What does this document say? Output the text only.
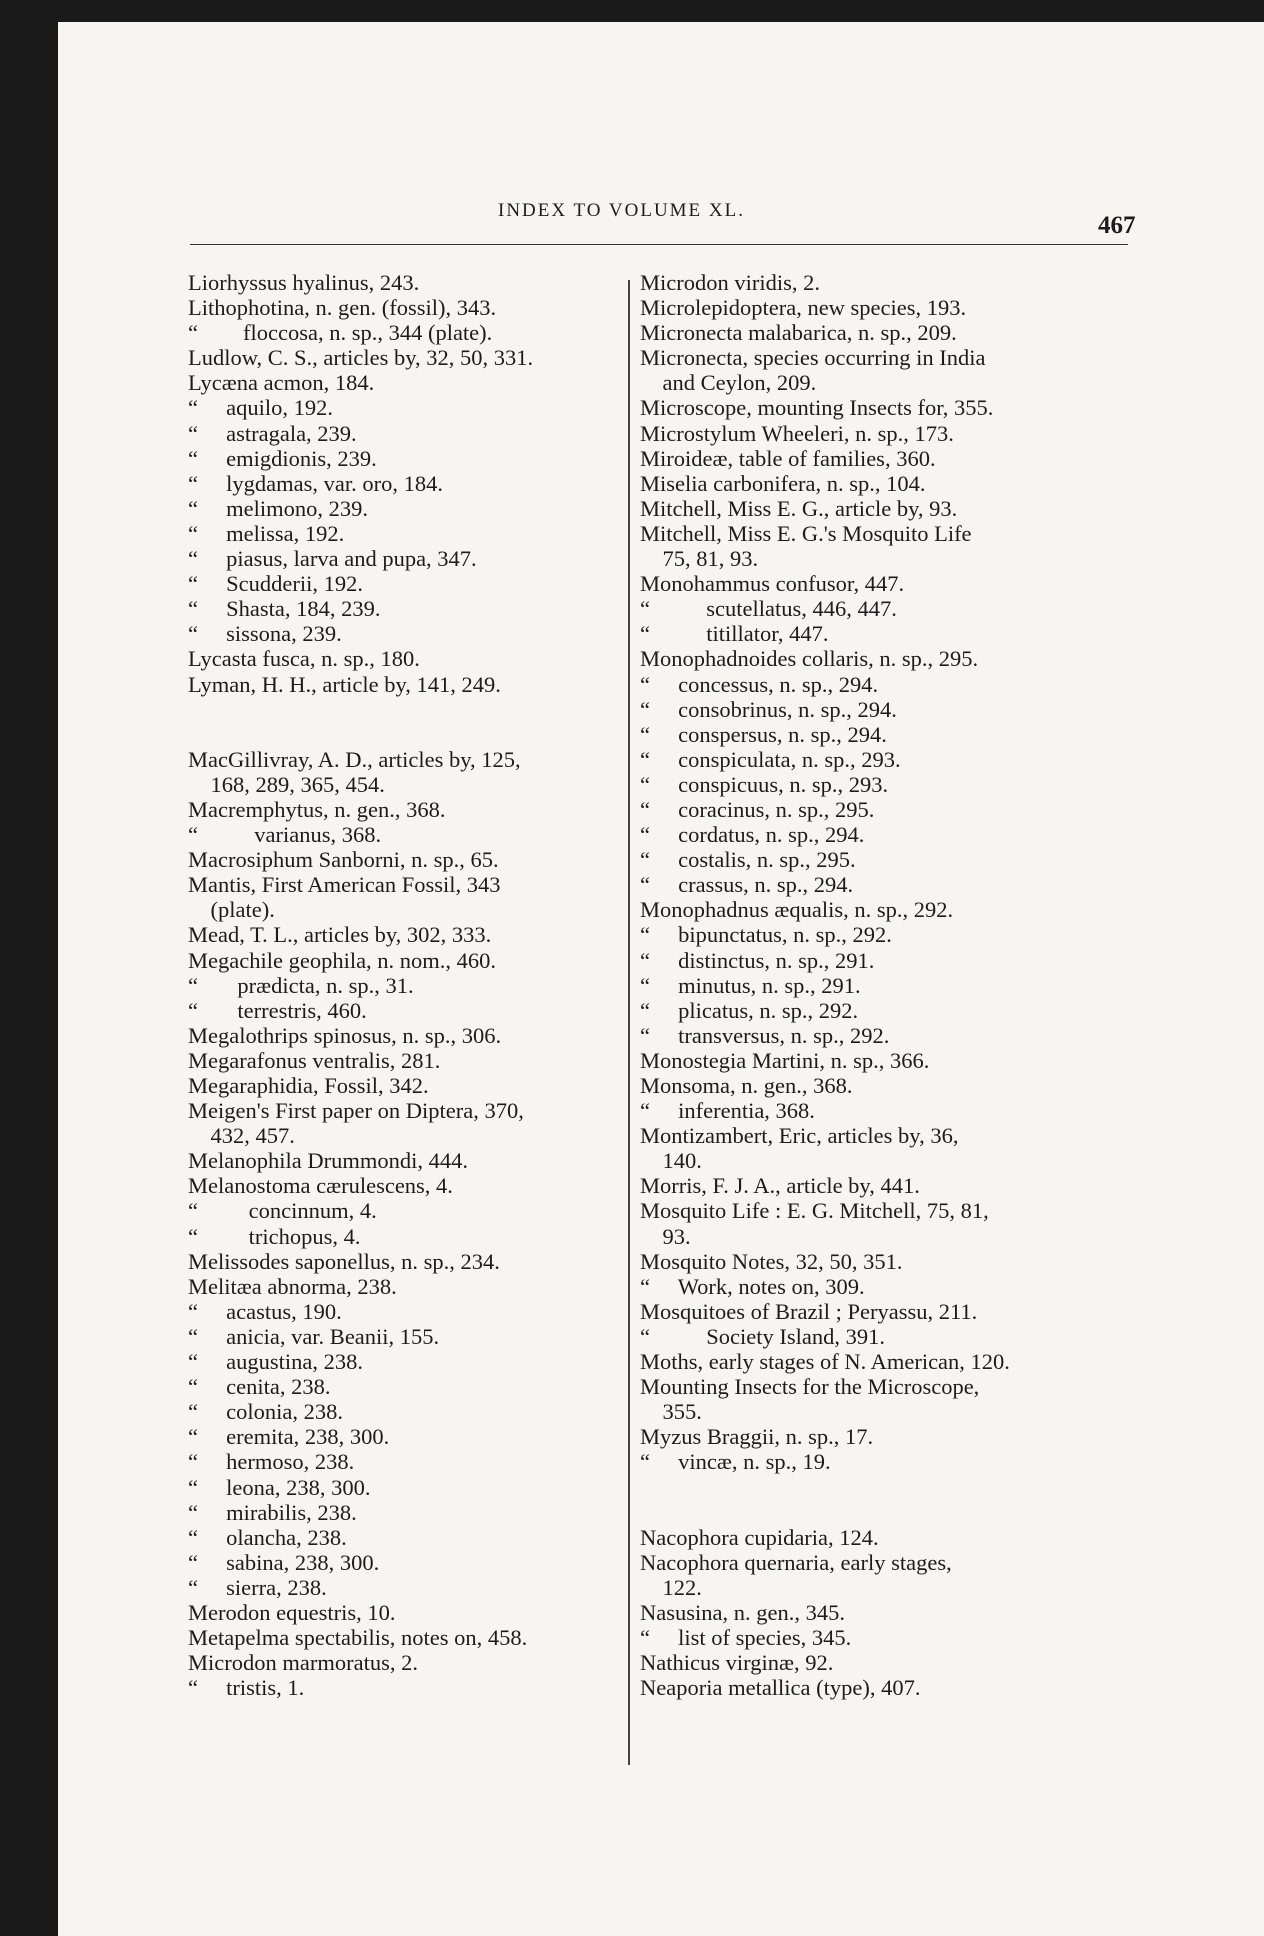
INDEX TO VOLUME XL.
467
Liorhyssus hyalinus, 243.
Lithophotina, n. gen. (fossil), 343.
“        floccosa, n. sp., 344 (plate).
Ludlow, C. S., articles by, 32, 50, 331.
Lycæna acmon, 184.
“     aquilo, 192.
“     astragala, 239.
“     emigdionis, 239.
“     lygdamas, var. oro, 184.
“     melimono, 239.
“     melissa, 192.
“     piasus, larva and pupa, 347.
“     Scudderii, 192.
“     Shasta, 184, 239.
“     sissona, 239.
Lycasta fusca, n. sp., 180.
Lyman, H. H., article by, 141, 249.
MacGillivray, A. D., articles by, 125,
168, 289, 365, 454.
Macremphytus, n. gen., 368.
“          varianus, 368.
Macrosiphum Sanborni, n. sp., 65.
Mantis, First American Fossil, 343
(plate).
Mead, T. L., articles by, 302, 333.
Megachile geophila, n. nom., 460.
“       prædicta, n. sp., 31.
“       terrestris, 460.
Megalothrips spinosus, n. sp., 306.
Megarafonus ventralis, 281.
Megaraphidia, Fossil, 342.
Meigen's First paper on Diptera, 370,
432, 457.
Melanophila Drummondi, 444.
Melanostoma cærulescens, 4.
“         concinnum, 4.
“         trichopus, 4.
Melissodes saponellus, n. sp., 234.
Melitæa abnorma, 238.
“     acastus, 190.
“     anicia, var. Beanii, 155.
“     augustina, 238.
“     cenita, 238.
“     colonia, 238.
“     eremita, 238, 300.
“     hermoso, 238.
“     leona, 238, 300.
“     mirabilis, 238.
“     olancha, 238.
“     sabina, 238, 300.
“     sierra, 238.
Merodon equestris, 10.
Metapelma spectabilis, notes on, 458.
Microdon marmoratus, 2.
“     tristis, 1.
Microdon viridis, 2.
Microlepidoptera, new species, 193.
Micronecta malabarica, n. sp., 209.
Micronecta, species occurring in India
and Ceylon, 209.
Microscope, mounting Insects for, 355.
Microstylum Wheeleri, n. sp., 173.
Miroideæ, table of families, 360.
Miselia carbonifera, n. sp., 104.
Mitchell, Miss E. G., article by, 93.
Mitchell, Miss E. G.'s Mosquito Life
75, 81, 93.
Monohammus confusor, 447.
“          scutellatus, 446, 447.
“          titillator, 447.
Monophadnoides collaris, n. sp., 295.
“     concessus, n. sp., 294.
“     consobrinus, n. sp., 294.
“     conspersus, n. sp., 294.
“     conspiculata, n. sp., 293.
“     conspicuus, n. sp., 293.
“     coracinus, n. sp., 295.
“     cordatus, n. sp., 294.
“     costalis, n. sp., 295.
“     crassus, n. sp., 294.
Monophadnus æqualis, n. sp., 292.
“     bipunctatus, n. sp., 292.
“     distinctus, n. sp., 291.
“     minutus, n. sp., 291.
“     plicatus, n. sp., 292.
“     transversus, n. sp., 292.
Monostegia Martini, n. sp., 366.
Monsoma, n. gen., 368.
“     inferentia, 368.
Montizambert, Eric, articles by, 36,
140.
Morris, F. J. A., article by, 441.
Mosquito Life : E. G. Mitchell, 75, 81,
93.
Mosquito Notes, 32, 50, 351.
“     Work, notes on, 309.
Mosquitoes of Brazil ; Peryassu, 211.
“          Society Island, 391.
Moths, early stages of N. American, 120.
Mounting Insects for the Microscope,
355.
Myzus Braggii, n. sp., 17.
“     vincæ, n. sp., 19.
Nacophora cupidaria, 124.
Nacophora quernaria, early stages,
122.
Nasusina, n. gen., 345.
“     list of species, 345.
Nathicus virginæ, 92.
Neaporia metallica (type), 407.
